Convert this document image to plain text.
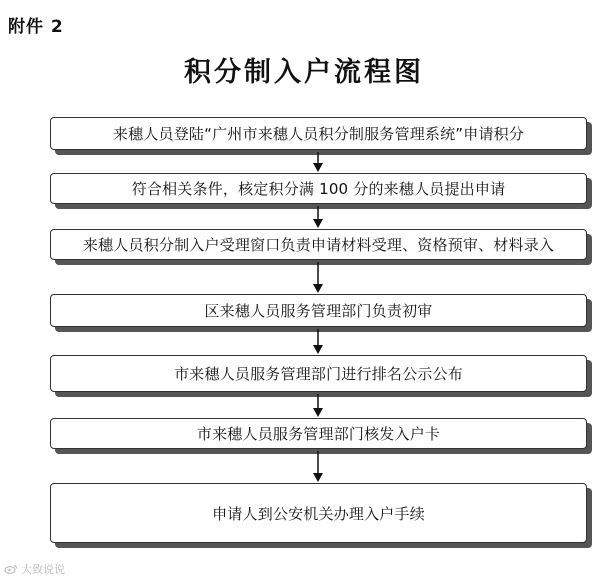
附件 2
积分制入户流程图
来穗人员登陆“广州市来穗人员积分制服务管理系统”申请积分
符合相关条件，核定积分满 100 分的来穗人员提出申请
来穗人员积分制入户受理窗口负责申请材料受理、资格预审、材料录入
区来穗人员服务管理部门负责初审
市来穗人员服务管理部门进行排名公示公布
市来穗人员服务管理部门核发入户卡
申请人到公安机关办理入户手续
大致说说
